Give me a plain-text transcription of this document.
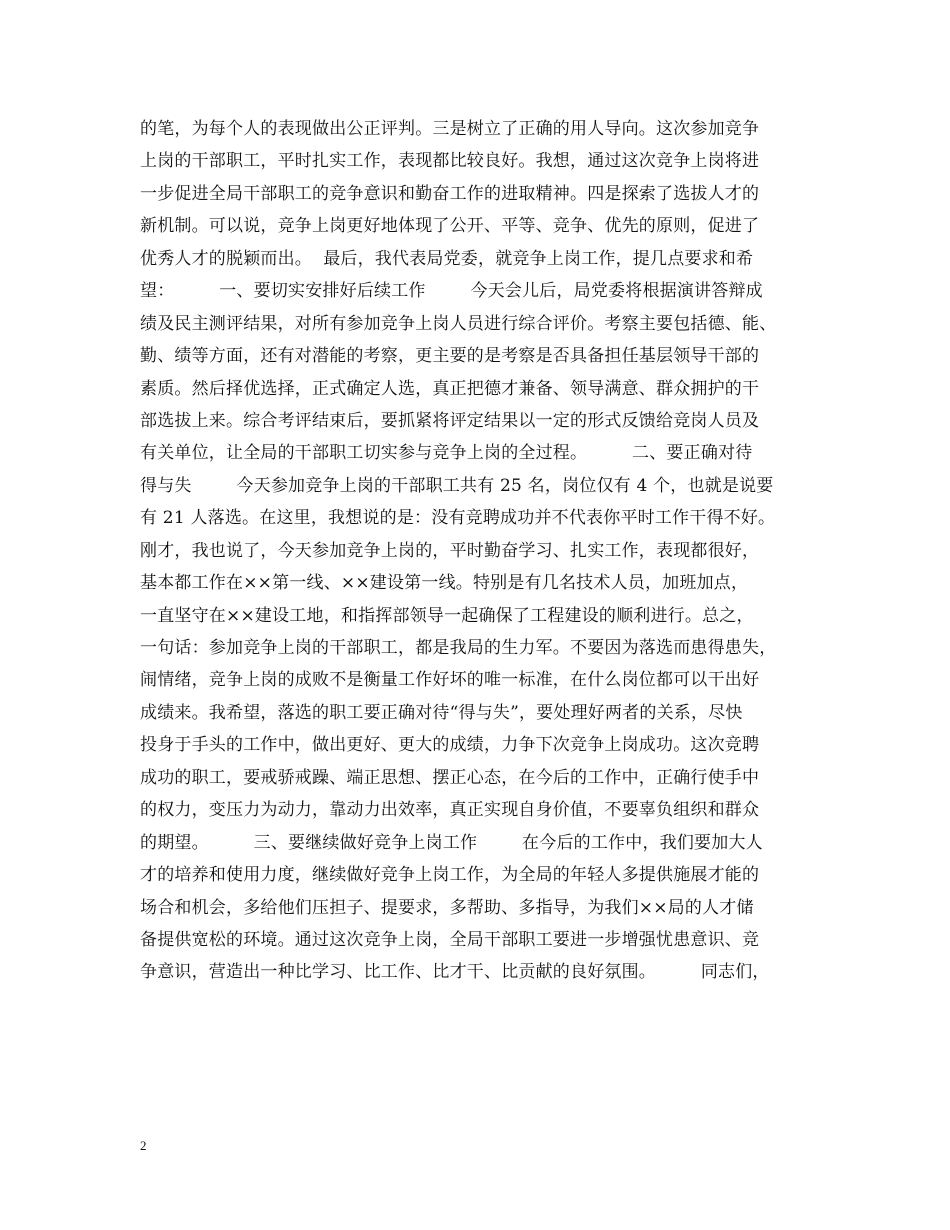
的笔，为每个人的表现做出公正评判。三是树立了正确的用人导向。这次参加竞争
上岗的干部职工，平时扎实工作，表现都比较良好。我想，通过这次竞争上岗将进
一步促进全局干部职工的竞争意识和勤奋工作的进取精神。四是探索了选拔人才的
新机制。可以说，竞争上岗更好地体现了公开、平等、竞争、优先的原则，促进了
优秀人才的脱颖而出。  最后，我代表局党委，就竞争上岗工作，提几点要求和希
望：        一、要切实安排好后续工作        今天会儿后，局党委将根据演讲答辩成
绩及民主测评结果，对所有参加竞争上岗人员进行综合评价。考察主要包括德、能、
勤、绩等方面，还有对潜能的考察，更主要的是考察是否具备担任基层领导干部的
素质。然后择优选择，正式确定人选，真正把德才兼备、领导满意、群众拥护的干
部选拔上来。综合考评结束后，要抓紧将评定结果以一定的形式反馈给竞岗人员及
有关单位，让全局的干部职工切实参与竞争上岗的全过程。        二、要正确对待
得与失        今天参加竞争上岗的干部职工共有 25 名，岗位仅有 4 个，也就是说要
有 21 人落选。在这里，我想说的是：没有竞聘成功并不代表你平时工作干得不好。
刚才，我也说了，今天参加竞争上岗的，平时勤奋学习、扎实工作，表现都很好，
基本都工作在××第一线、××建设第一线。特别是有几名技术人员，加班加点，
一直坚守在××建设工地，和指挥部领导一起确保了工程建设的顺利进行。总之，
一句话：参加竞争上岗的干部职工，都是我局的生力军。不要因为落选而患得患失，
闹情绪，竞争上岗的成败不是衡量工作好坏的唯一标准，在什么岗位都可以干出好
成绩来。我希望，落选的职工要正确对待“得与失”，要处理好两者的关系，尽快
投身于手头的工作中，做出更好、更大的成绩，力争下次竞争上岗成功。这次竞聘
成功的职工，要戒骄戒躁、端正思想、摆正心态，在今后的工作中，正确行使手中
的权力，变压力为动力，靠动力出效率，真正实现自身价值，不要辜负组织和群众
的期望。        三、要继续做好竞争上岗工作        在今后的工作中，我们要加大人
才的培养和使用力度，继续做好竞争上岗工作，为全局的年轻人多提供施展才能的
场合和机会，多给他们压担子、提要求，多帮助、多指导，为我们××局的人才储
备提供宽松的环境。通过这次竞争上岗，全局干部职工要进一步增强忧患意识、竞
争意识，营造出一种比学习、比工作、比才干、比贡献的良好氛围。        同志们，
2
